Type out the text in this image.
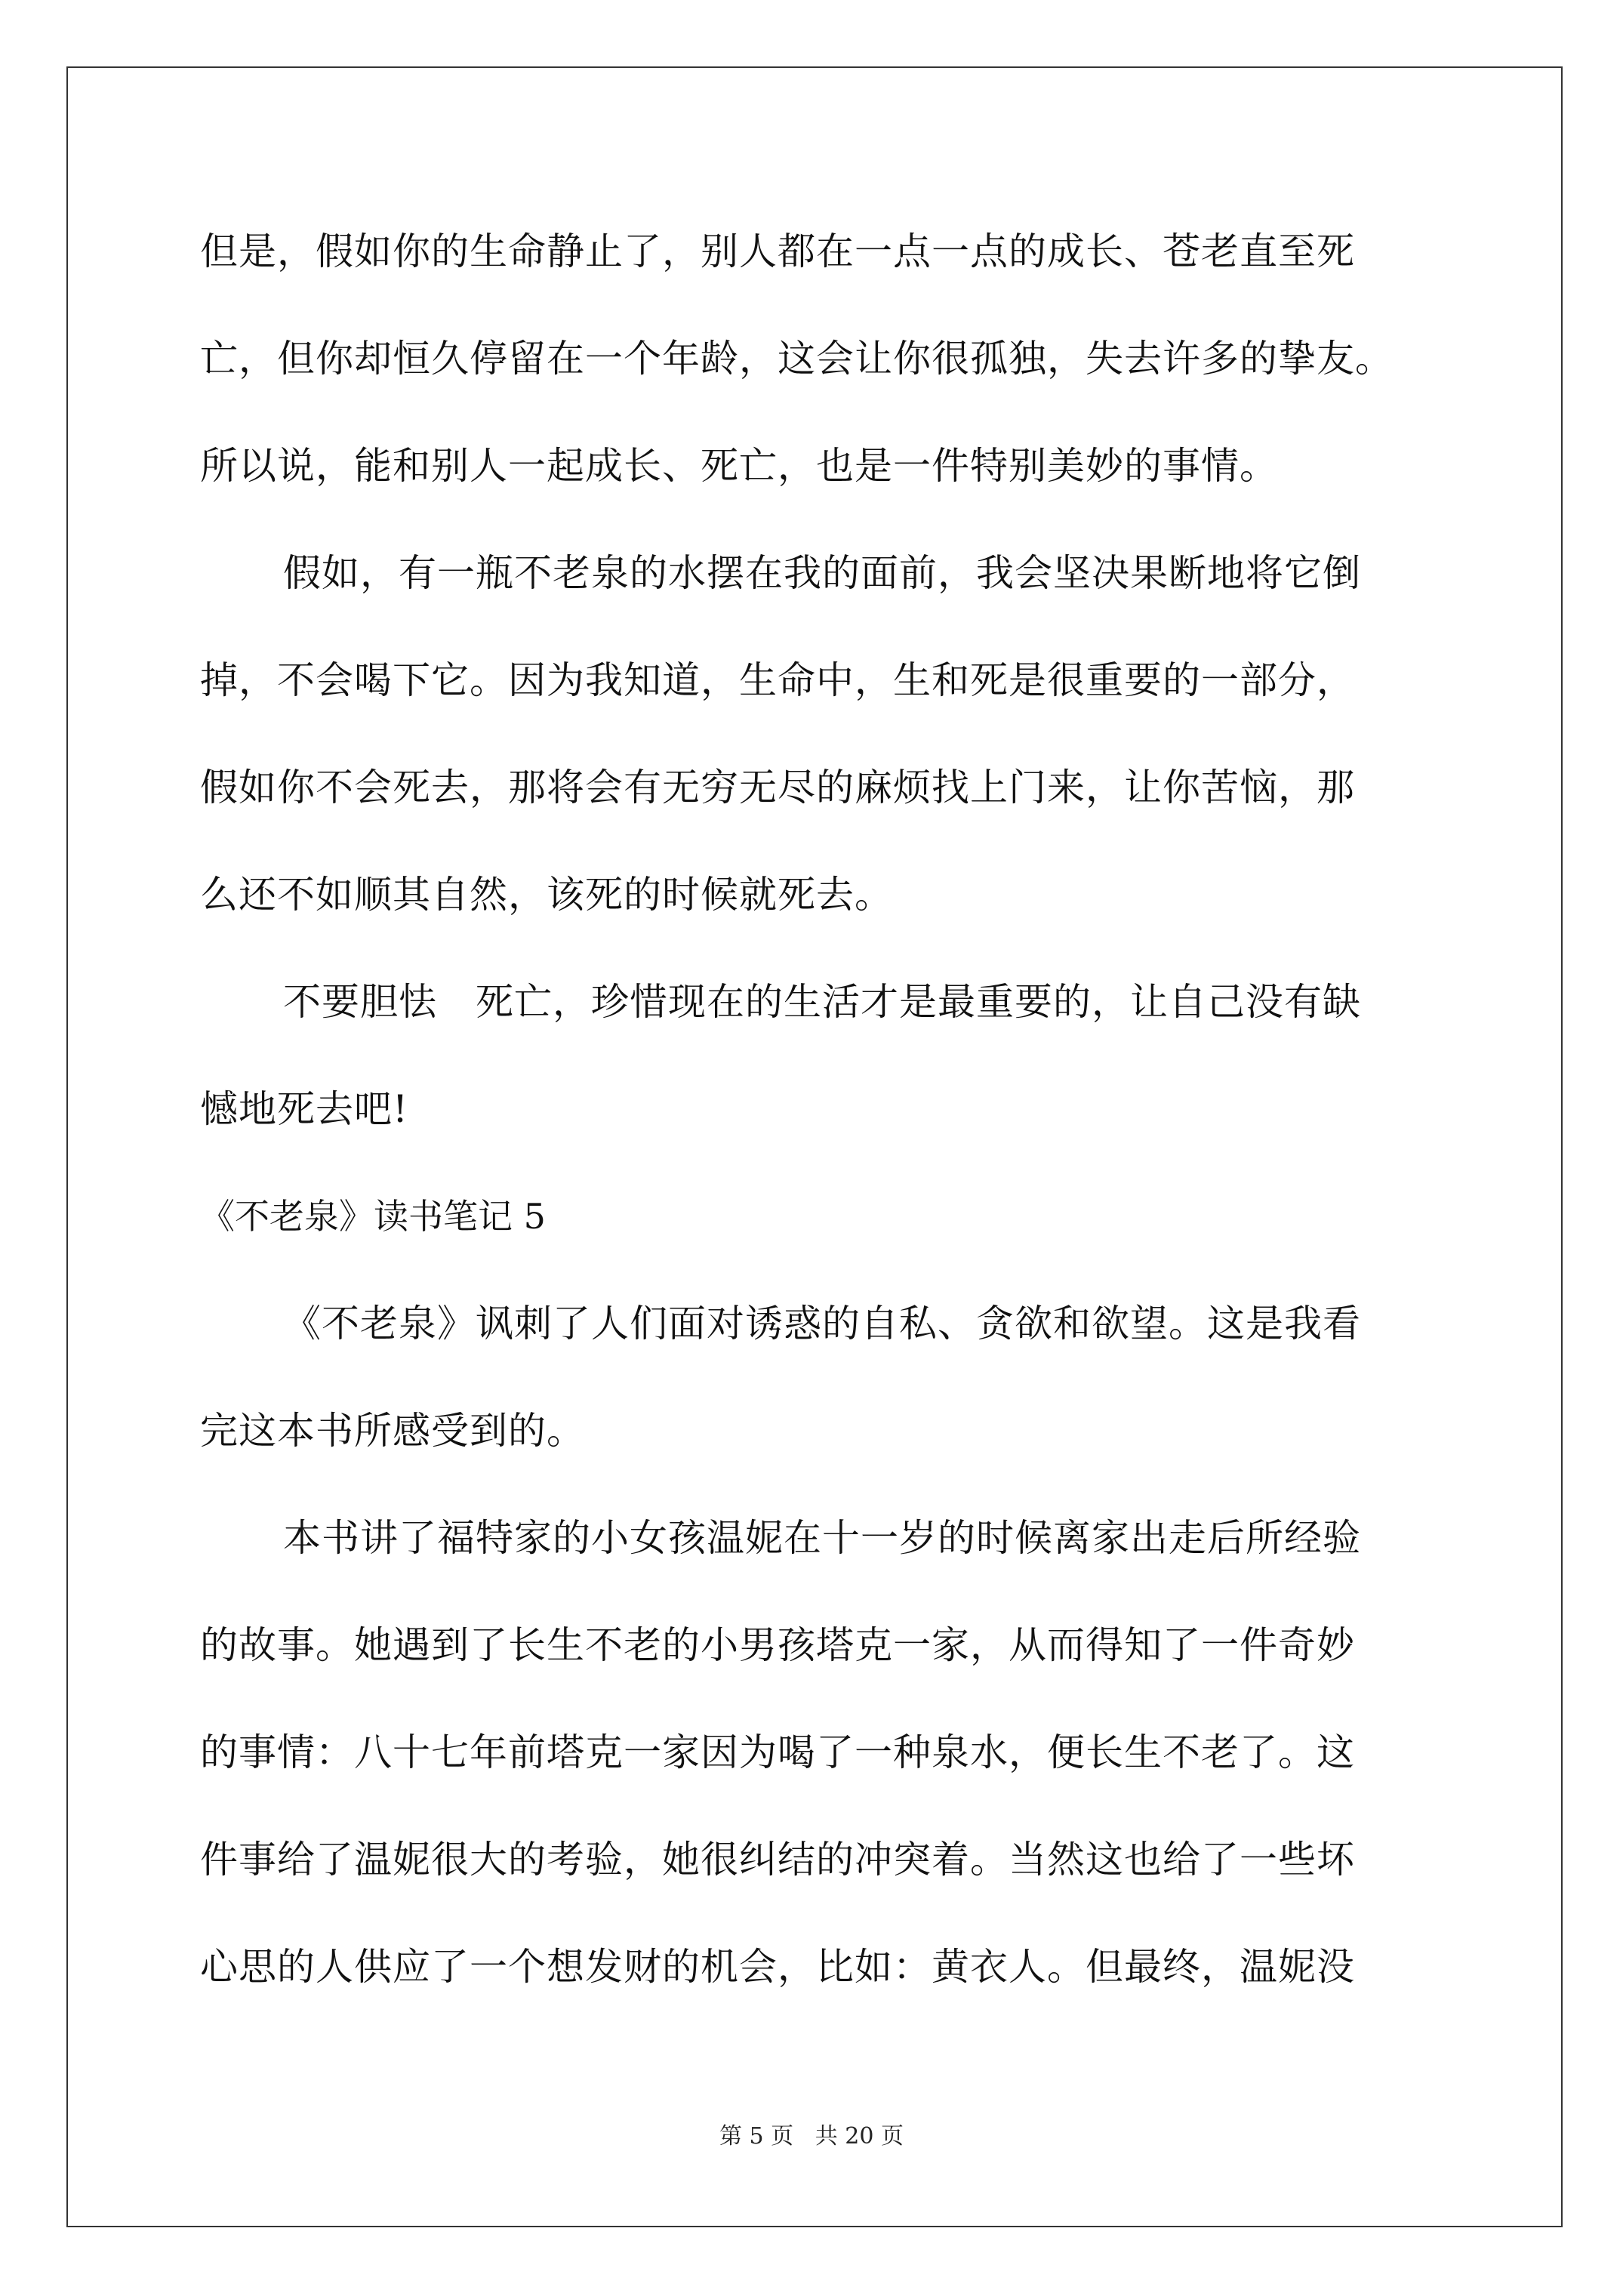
但是，假如你的生命静止了，别人都在一点一点的成长、苍老直至死
亡，但你却恒久停留在一个年龄，这会让你很孤独，失去许多的挚友。
所以说，能和别人一起成长、死亡，也是一件特别美妙的事情。
假如，有一瓶不老泉的水摆在我的面前，我会坚决果断地将它倒
掉，不会喝下它。因为我知道，生命中，生和死是很重要的一部分，
假如你不会死去，那将会有无穷无尽的麻烦找上门来，让你苦恼，那
么还不如顺其自然，该死的时候就死去。
不要胆怯　死亡，珍惜现在的生活才是最重要的，让自己没有缺
憾地死去吧!
《不老泉》读书笔记 5
《不老泉》讽刺了人们面对诱惑的自私、贪欲和欲望。这是我看
完这本书所感受到的。
本书讲了福特家的小女孩温妮在十一岁的时候离家出走后所经验
的故事。她遇到了长生不老的小男孩塔克一家，从而得知了一件奇妙
的事情：八十七年前塔克一家因为喝了一种泉水，便长生不老了。这
件事给了温妮很大的考验，她很纠结的冲突着。当然这也给了一些坏
心思的人供应了一个想发财的机会，比如：黄衣人。但最终，温妮没
第 5 页 共 20 页
